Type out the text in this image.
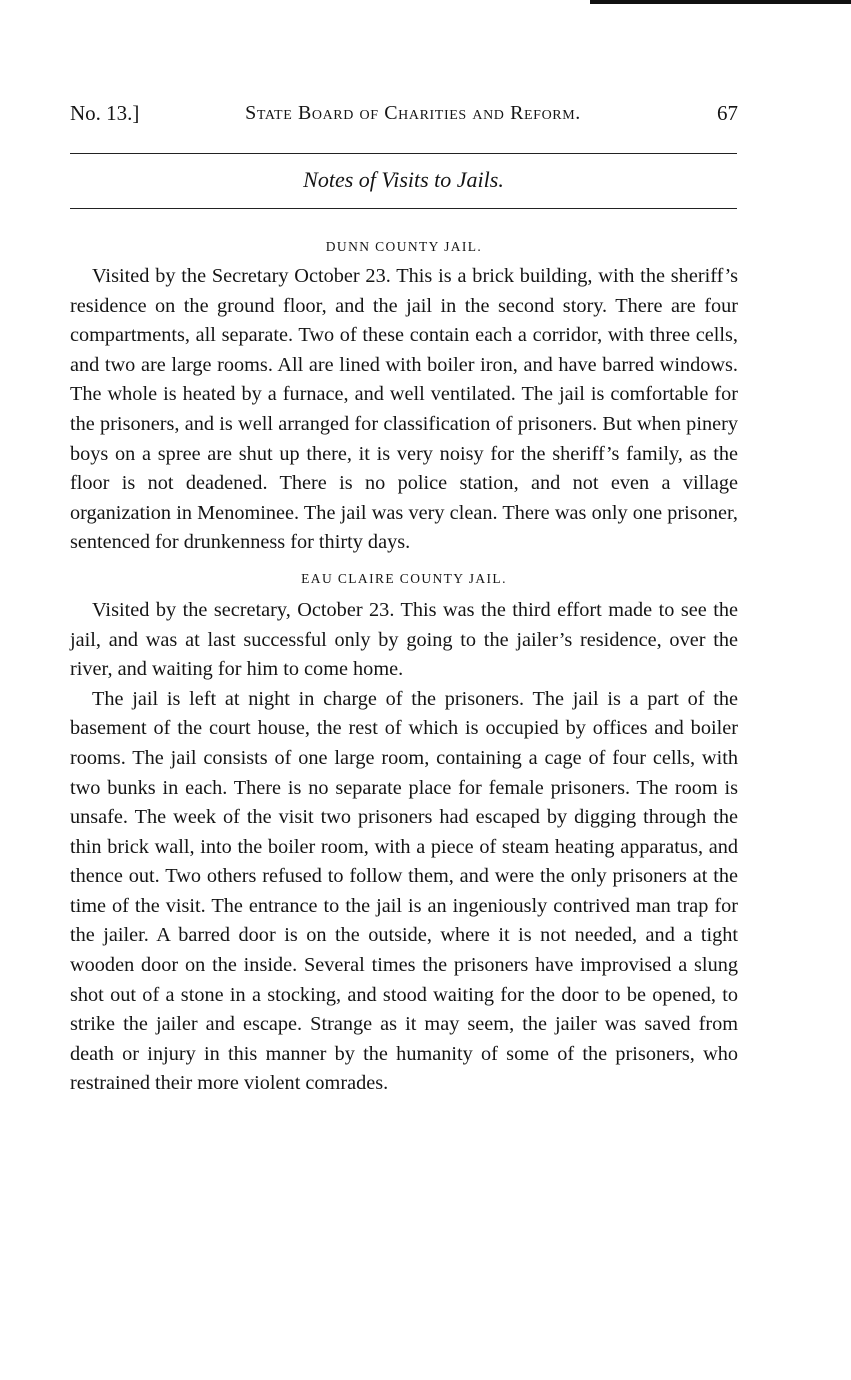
No. 13.]	State Board of Charities and Reform.	67
Notes of Visits to Jails.
DUNN COUNTY JAIL.

Visited by the Secretary October 23. This is a brick building, with the sheriff’s residence on the ground floor, and the jail in the second story. There are four compartments, all separate. Two of these contain each a corridor, with three cells, and two are large rooms. All are lined with boiler iron, and have barred windows. The whole is heated by a furnace, and well ventilated. The jail is comfortable for the prisoners, and is well arranged for classification of prisoners. But when pinery boys on a spree are shut up there, it is very noisy for the sheriff’s family, as the floor is not deadened. There is no police station, and not even a village organization in Menominee. The jail was very clean. There was only one prisoner, sentenced for drunkenness for thirty days.

EAU CLAIRE COUNTY JAIL.

Visited by the secretary, October 23. This was the third effort made to see the jail, and was at last successful only by going to the jailer’s residence, over the river, and waiting for him to come home.

The jail is left at night in charge of the prisoners. The jail is a part of the basement of the court house, the rest of which is occupied by offices and boiler rooms. The jail consists of one large room, containing a cage of four cells, with two bunks in each. There is no separate place for female prisoners. The room is unsafe. The week of the visit two prisoners had escaped by digging through the thin brick wall, into the boiler room, with a piece of steam heating apparatus, and thence out. Two others refused to follow them, and were the only prisoners at the time of the visit. The entrance to the jail is an ingeniously contrived man trap for the jailer. A barred door is on the outside, where it is not needed, and a tight wooden door on the inside. Several times the prisoners have improvised a slung shot out of a stone in a stocking, and stood waiting for the door to be opened, to strike the jailer and escape. Strange as it may seem, the jailer was saved from death or injury in this manner by the humanity of some of the prisoners, who restrained their more violent comrades.
